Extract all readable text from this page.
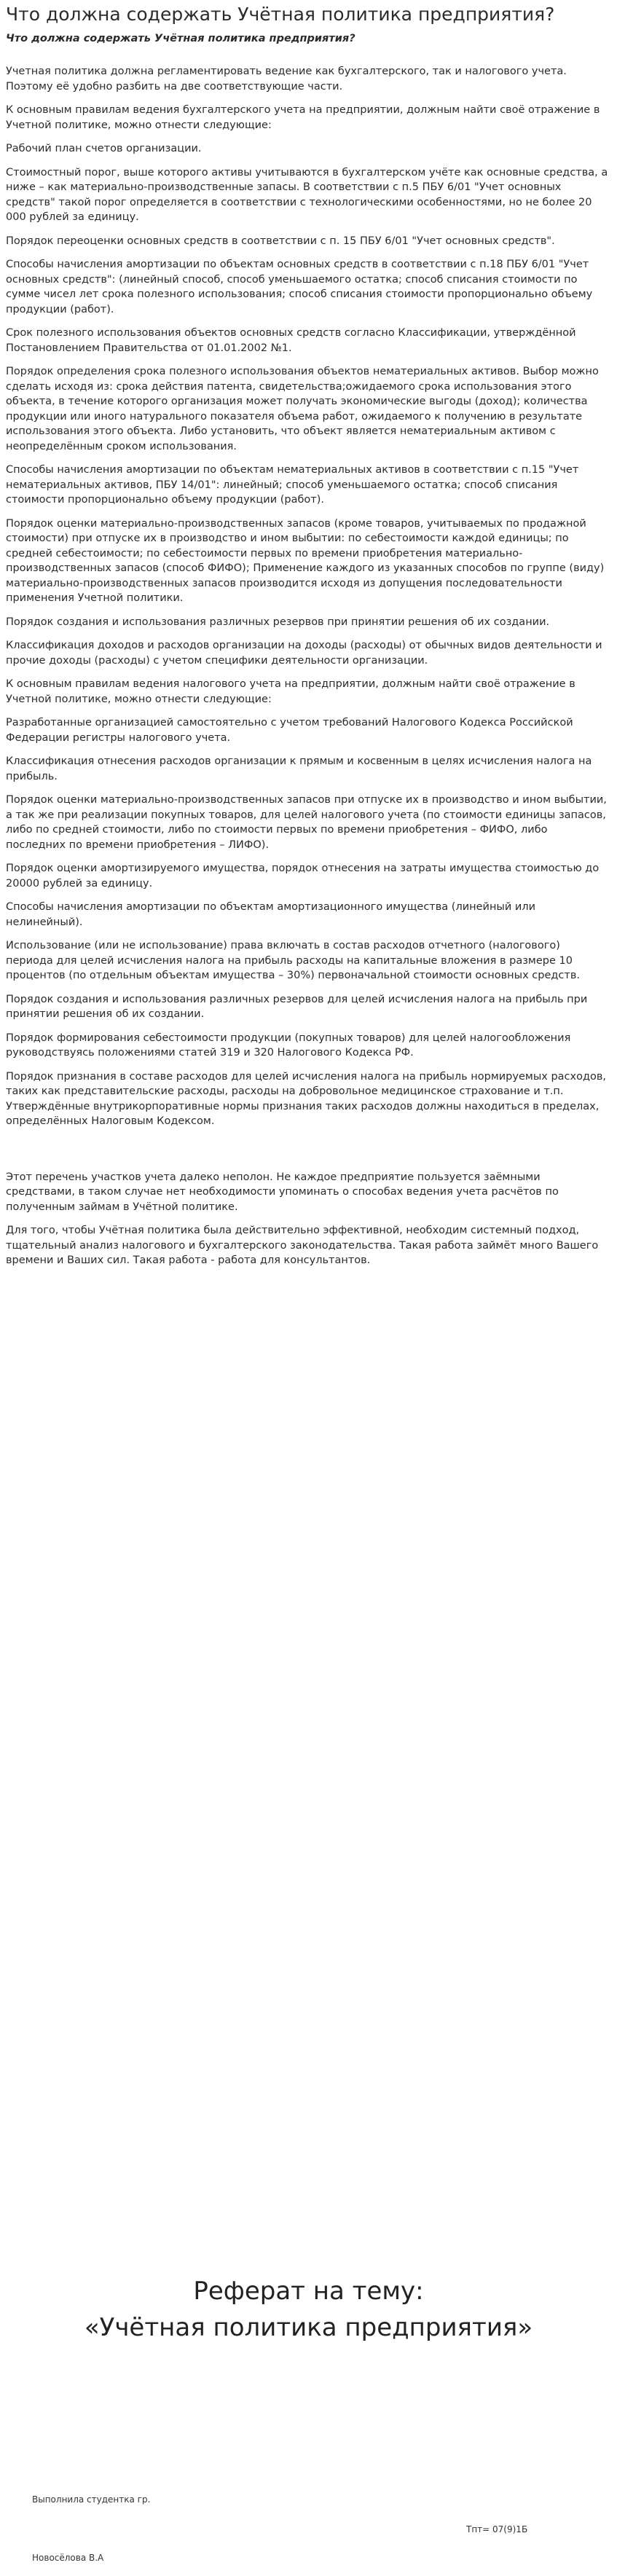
Что должна содержать Учётная политика предприятия?
Что должна содержать Учётная политика предприятия?

Учетная политика должна регламентировать ведение как бухгалтерского, так и налогового учета. Поэтому её удобно разбить на две соответствующие части.

К основным правилам ведения бухгалтерского учета на предприятии, должным найти своё отражение в Учетной политике, можно отнести следующие:

Рабочий план счетов организации.

Стоимостный порог, выше которого активы учитываются в бухгалтерском учёте как основные средства, а ниже – как материально-производственные запасы. В соответствии с п.5 ПБУ 6/01 "Учет основных средств" такой порог определяется в соответствии с технологическими особенностями, но не более 20 000 рублей за единицу.

Порядок переоценки основных средств в соответствии с п. 15 ПБУ 6/01 "Учет основных средств".

Способы начисления амортизации по объектам основных средств в соответствии с п.18 ПБУ 6/01 "Учет основных средств": (линейный способ, способ уменьшаемого остатка; способ списания стоимости по сумме чисел лет срока полезного использования; способ списания стоимости пропорционально объему продукции (работ).

Срок полезного использования объектов основных средств согласно Классификации, утверждённой Постановлением Правительства от 01.01.2002 №1.

Порядок определения срока полезного использования объектов нематериальных активов. Выбор можно сделать исходя из: срока действия патента, свидетельства;ожидаемого срока использования этого объекта, в течение которого организация может получать экономические выгоды (доход); количества продукции или иного натурального показателя объема работ, ожидаемого к получению в результате использования этого объекта. Либо установить, что объект является нематериальным активом с неопределённым сроком использования.

Способы начисления амортизации по объектам нематериальных активов в соответствии с п.15 "Учет нематериальных активов, ПБУ 14/01": линейный; способ уменьшаемого остатка; способ списания стоимости пропорционально объему продукции (работ).

Порядок оценки материально-производственных запасов (кроме товаров, учитываемых по продажной стоимости) при отпуске их в производство и ином выбытии: по себестоимости каждой единицы; по средней себестоимости; по себестоимости первых по времени приобретения материально-производственных запасов (способ ФИФО); Применение каждого из указанных способов по группе (виду) материально-производственных запасов производится исходя из допущения последовательности применения Учетной политики.

Порядок создания и использования различных резервов при принятии решения об их создании.

Классификация доходов и расходов организации на доходы (расходы) от обычных видов деятельности и прочие доходы (расходы) с учетом специфики деятельности организации.

К основным правилам ведения налогового учета на предприятии, должным найти своё отражение в Учетной политике, можно отнести следующие:

Разработанные организацией самостоятельно с учетом требований Налогового Кодекса Российской Федерации регистры налогового учета.

Классификация отнесения расходов организации к прямым и косвенным в целях исчисления налога на прибыль.

Порядок оценки материально-производственных запасов при отпуске их в производство и ином выбытии, а так же при реализации покупных товаров, для целей налогового учета (по стоимости единицы запасов, либо по средней стоимости, либо по стоимости первых по времени приобретения – ФИФО, либо последних по времени приобретения – ЛИФО).

Порядок оценки амортизируемого имущества, порядок отнесения на затраты имущества стоимостью до 20000 рублей за единицу.

Способы начисления амортизации по объектам амортизационного имущества (линейный или нелинейный).

Использование (или не использование) права включать в состав расходов отчетного (налогового) периода для целей исчисления налога на прибыль расходы на капитальные вложения в размере 10 процентов (по отдельным объектам имущества – 30%) первоначальной стоимости основных средств.

Порядок создания и использования различных резервов для целей исчисления налога на прибыль при принятии решения об их создании.

Порядок формирования себестоимости продукции (покупных товаров) для целей налогообложения руководствуясь положениями статей 319 и 320 Налогового Кодекса РФ.

Порядок признания в составе расходов для целей исчисления налога на прибыль нормируемых расходов, таких как представительские расходы, расходы на добровольное медицинское страхование и т.п. Утверждённые внутрикорпоративные нормы признания таких расходов должны находиться в пределах, определённых Налоговым Кодексом.

Этот перечень участков учета далеко неполон. Не каждое предприятие пользуется заёмными средствами, в таком случае нет необходимости упоминать о способах ведения учета расчётов по полученным займам в Учётной политике.

Для того, чтобы Учётная политика была действительно эффективной, необходим системный подход, тщательный анализ налогового и бухгалтерского законодательства. Такая работа займёт много Вашего времени и Ваших сил. Такая работа - работа для консультантов.

Реферат на тему:
«Учётная политика предприятия»
Выполнила студентка гр.
Тпт= 07(9)1Б
Новосёлова В.А
